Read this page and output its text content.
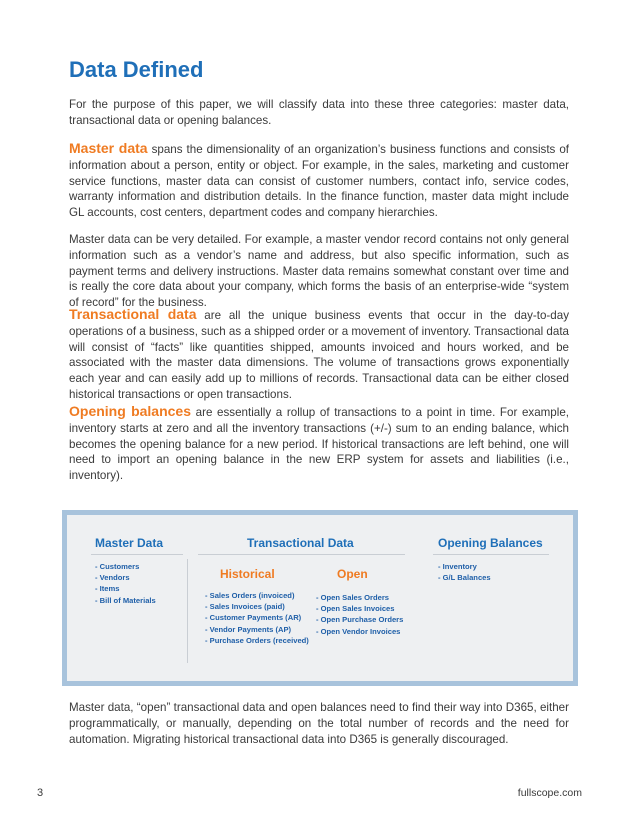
Data Defined

For the purpose of this paper, we will classify data into these three categories: master data, transactional data or opening balances.

Master data spans the dimensionality of an organization’s business functions and consists of information about a person, entity or object. For example, in the sales, marketing and customer service functions, master data can consist of customer numbers, contact info, service codes, warranty information and distribution details. In the finance function, master data might include GL accounts, cost centers, department codes and company hierarchies.

Master data can be very detailed. For example, a master vendor record contains not only general information such as a vendor’s name and address, but also specific information, such as payment terms and delivery instructions. Master data remains somewhat constant over time and is really the core data about your company, which forms the basis of an enterprise-wide “system of record” for the business.

Transactional data are all the unique business events that occur in the day-to-day operations of a business, such as a shipped order or a movement of inventory. Transactional data will consist of “facts” like quantities shipped, amounts invoiced and hours worked, and be associated with the master data dimensions. The volume of transactions grows exponentially each year and can easily add up to millions of records. Transactional data can be either closed historical transactions or open transactions.

Opening balances are essentially a rollup of transactions to a point in time. For example, inventory starts at zero and all the inventory transactions (+/-) sum to an ending balance, which becomes the opening balance for a new period. If historical transactions are left behind, one will need to import an opening balance in the new ERP system for assets and liabilities (i.e., inventory).

Master Data
- Customers
- Vendors
- Items
- Bill of Materials
Transactional Data
Historical
- Sales Orders (invoiced)
- Sales Invoices (paid)
- Customer Payments (AR)
- Vendor Payments (AP)
- Purchase Orders (received)
Open
- Open Sales Orders
- Open Sales Invoices
- Open Purchase Orders
- Open Vendor Invoices
Opening Balances
- Inventory
- G/L Balances

Master data, “open” transactional data and open balances need to find their way into D365, either programmatically, or manually, depending on the total number of records and the need for automation. Migrating historical transactional data into D365 is generally discouraged.

3	fullscope.com
